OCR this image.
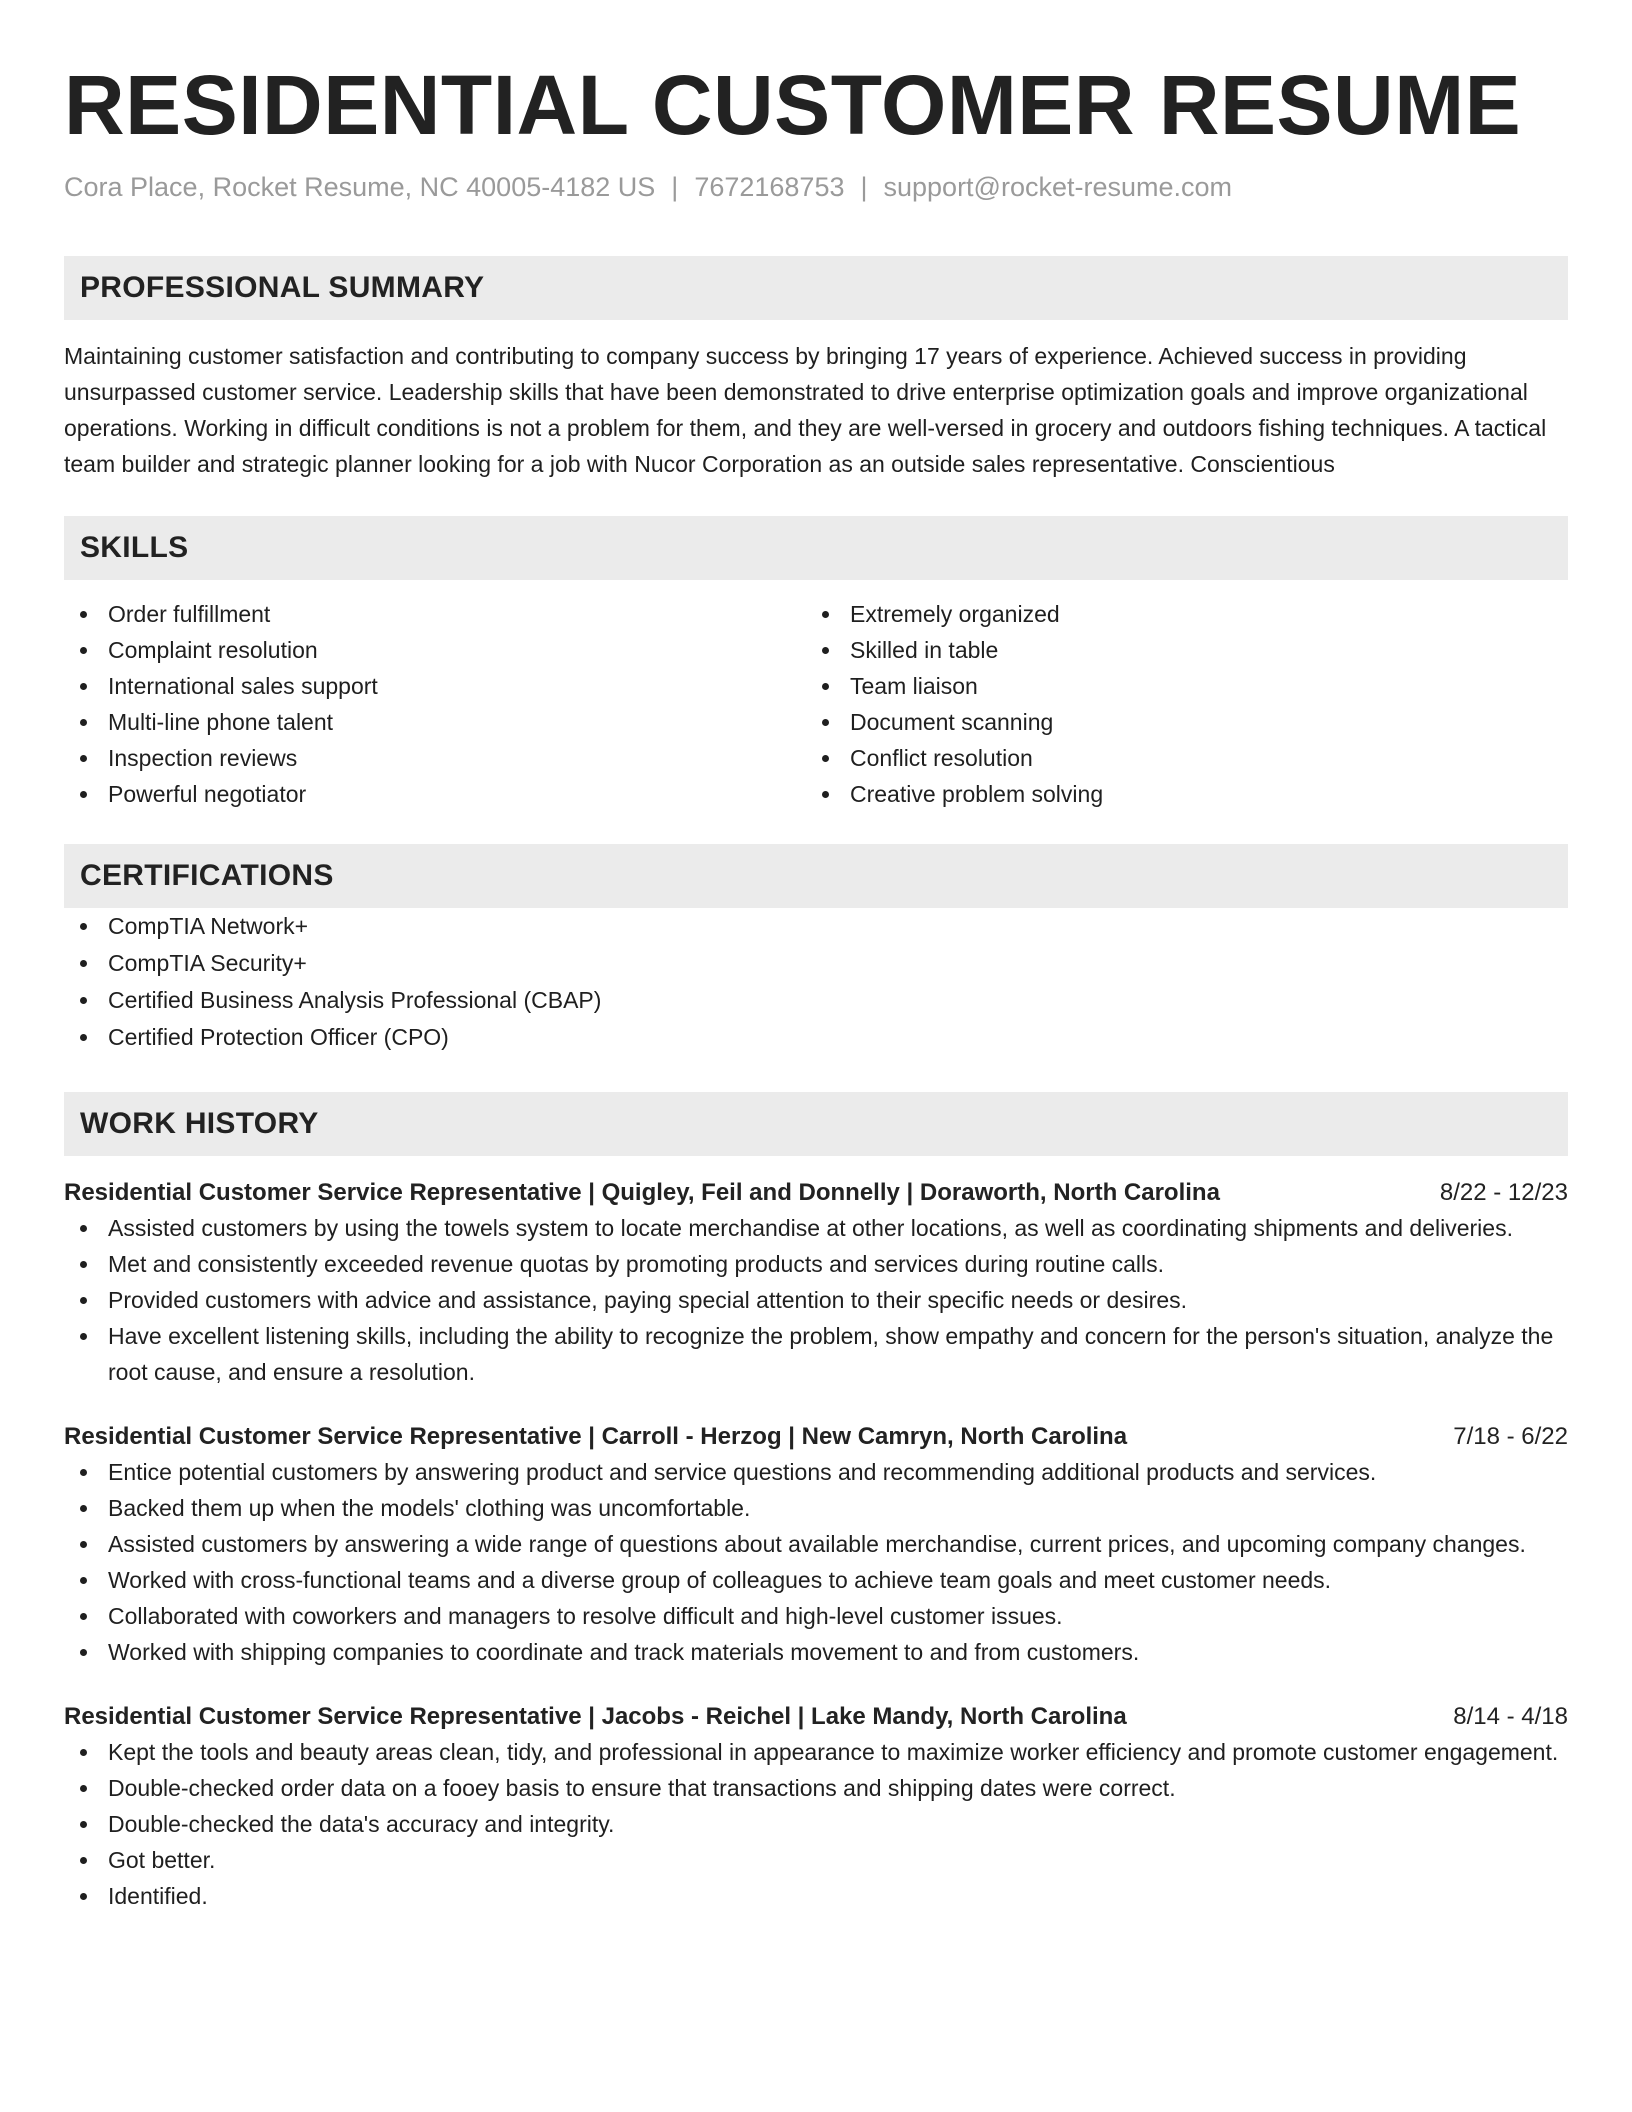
RESIDENTIAL CUSTOMER RESUME
Cora Place, Rocket Resume, NC 40005-4182 US | 7672168753 | support@rocket-resume.com
PROFESSIONAL SUMMARY

Maintaining customer satisfaction and contributing to company success by bringing 17 years of experience. Achieved success in providing unsurpassed customer service. Leadership skills that have been demonstrated to drive enterprise optimization goals and improve organizational operations. Working in difficult conditions is not a problem for them, and they are well-versed in grocery and outdoors fishing techniques. A tactical team builder and strategic planner looking for a job with Nucor Corporation as an outside sales representative. Conscientious

SKILLS
Order fulfillment
Complaint resolution
International sales support
Multi-line phone talent
Inspection reviews
Powerful negotiator
Extremely organized
Skilled in table
Team liaison
Document scanning
Conflict resolution
Creative problem solving
CERTIFICATIONS
CompTIA Network+
CompTIA Security+
Certified Business Analysis Professional (CBAP)
Certified Protection Officer (CPO)
WORK HISTORY
Residential Customer Service Representative | Quigley, Feil and Donnelly | Doraworth, North Carolina	8/22 - 12/23
Assisted customers by using the towels system to locate merchandise at other locations, as well as coordinating shipments and deliveries.
Met and consistently exceeded revenue quotas by promoting products and services during routine calls.
Provided customers with advice and assistance, paying special attention to their specific needs or desires.
Have excellent listening skills, including the ability to recognize the problem, show empathy and concern for the person's situation, analyze the root cause, and ensure a resolution.
Residential Customer Service Representative | Carroll - Herzog | New Camryn, North Carolina	7/18 - 6/22
Entice potential customers by answering product and service questions and recommending additional products and services.
Backed them up when the models' clothing was uncomfortable.
Assisted customers by answering a wide range of questions about available merchandise, current prices, and upcoming company changes.
Worked with cross-functional teams and a diverse group of colleagues to achieve team goals and meet customer needs.
Collaborated with coworkers and managers to resolve difficult and high-level customer issues.
Worked with shipping companies to coordinate and track materials movement to and from customers.
Residential Customer Service Representative | Jacobs - Reichel | Lake Mandy, North Carolina	8/14 - 4/18
Kept the tools and beauty areas clean, tidy, and professional in appearance to maximize worker efficiency and promote customer engagement.
Double-checked order data on a fooey basis to ensure that transactions and shipping dates were correct.
Double-checked the data's accuracy and integrity.
Got better.
Identified.
